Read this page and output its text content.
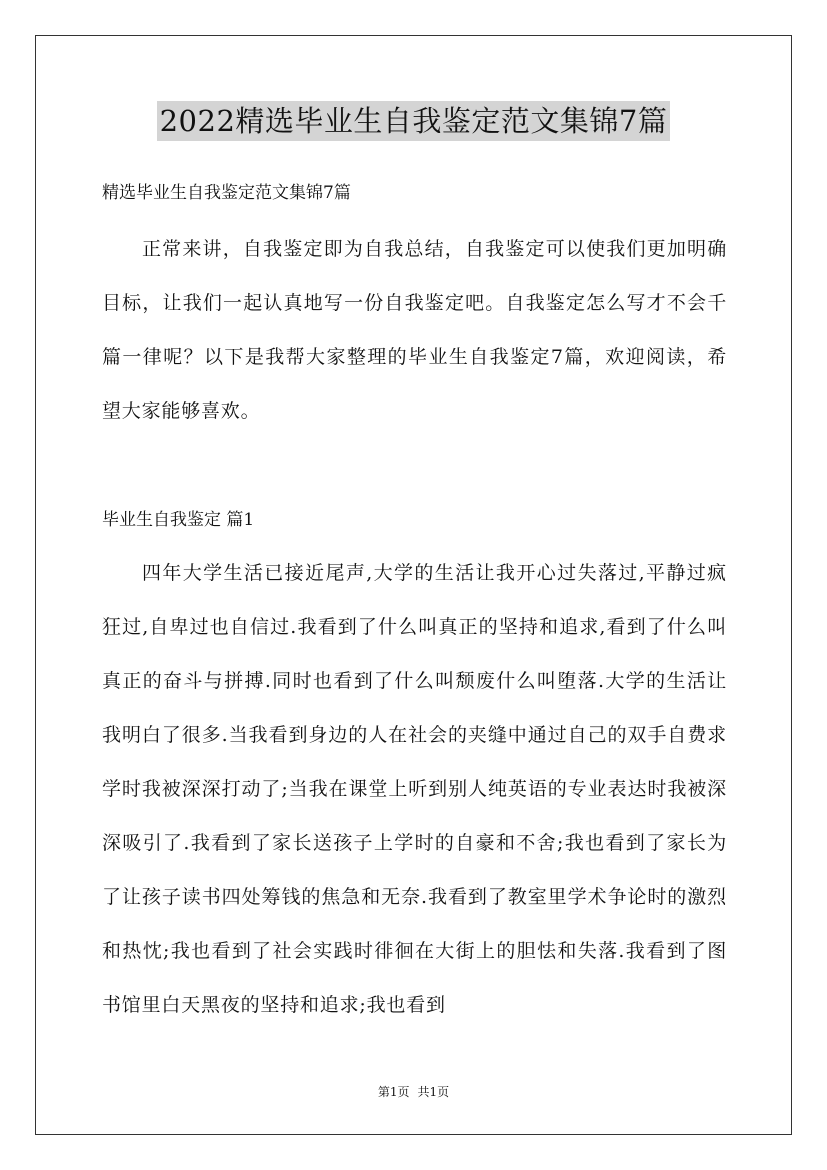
2022精选毕业生自我鉴定范文集锦7篇
精选毕业生自我鉴定范文集锦7篇

正常来讲，自我鉴定即为自我总结，自我鉴定可以使我们更加明确目标，让我们一起认真地写一份自我鉴定吧。自我鉴定怎么写才不会千篇一律呢？以下是我帮大家整理的毕业生自我鉴定7篇，欢迎阅读，希望大家能够喜欢。

毕业生自我鉴定 篇1

四年大学生活已接近尾声,大学的生活让我开心过失落过,平静过疯狂过,自卑过也自信过.我看到了什么叫真正的坚持和追求,看到了什么叫真正的奋斗与拼搏.同时也看到了什么叫颓废什么叫堕落.大学的生活让我明白了很多.当我看到身边的人在社会的夹缝中通过自己的双手自费求学时我被深深打动了;当我在课堂上听到别人纯英语的专业表达时我被深深吸引了.我看到了家长送孩子上学时的自豪和不舍;我也看到了家长为了让孩子读书四处筹钱的焦急和无奈.我看到了教室里学术争论时的激烈和热忱;我也看到了社会实践时徘徊在大街上的胆怯和失落.我看到了图书馆里白天黑夜的坚持和追求;我也看到

第1页 共1页
